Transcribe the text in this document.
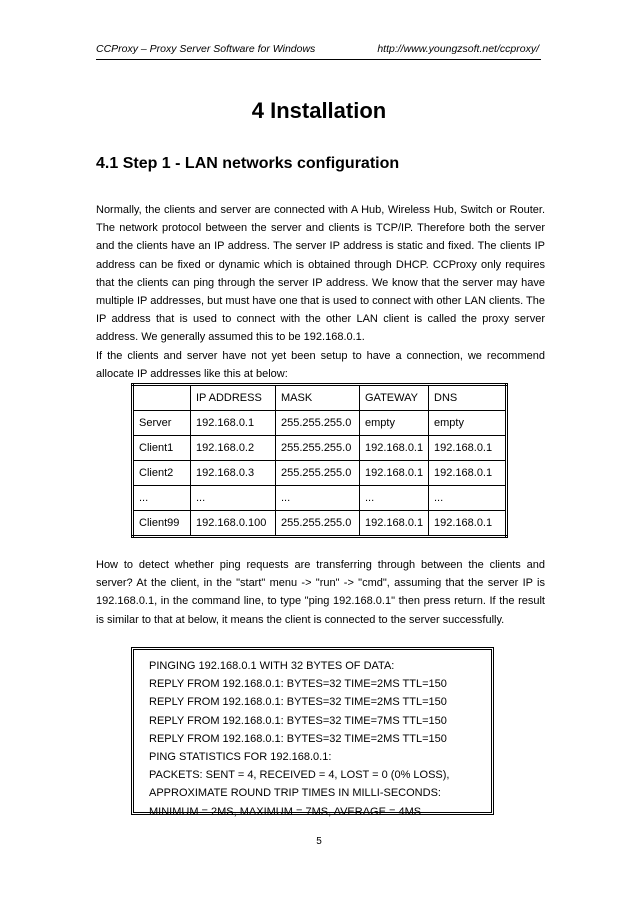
CCProxy – Proxy Server Software for Windows	http://www.youngzsoft.net/ccproxy/
4 Installation
4.1 Step 1 - LAN networks configuration

Normally, the clients and server are connected with A Hub, Wireless Hub, Switch or Router. The network protocol between the server and clients is TCP/IP. Therefore both the server and the clients have an IP address. The server IP address is static and fixed. The clients IP address can be fixed or dynamic which is obtained through DHCP. CCProxy only requires that the clients can ping through the server IP address. We know that the server may have multiple IP addresses, but must have one that is used to connect with other LAN clients. The IP address that is used to connect with the other LAN client is called the proxy server address. We generally assumed this to be 192.168.0.1.

If the clients and server have not yet been setup to have a connection, we recommend allocate IP addresses like this at below:

	IP ADDRESS	MASK	GATEWAY	DNS
Server	192.168.0.1	255.255.255.0	empty	empty
Client1	192.168.0.2	255.255.255.0	192.168.0.1	192.168.0.1
Client2	192.168.0.3	255.255.255.0	192.168.0.1	192.168.0.1
...	...	...	...	...
Client99	192.168.0.100	255.255.255.0	192.168.0.1	192.168.0.1
How to detect whether ping requests are transferring through between the clients and server? At the client, in the "start" menu -> "run" -> "cmd", assuming that the server IP is 192.168.0.1, in the command line, to type "ping 192.168.0.1" then press return. If the result is similar to that at below, it means the client is connected to the server successfully.
PINGING 192.168.0.1 WITH 32 BYTES OF DATA:
REPLY FROM 192.168.0.1: BYTES=32 TIME=2MS TTL=150
REPLY FROM 192.168.0.1: BYTES=32 TIME=2MS TTL=150
REPLY FROM 192.168.0.1: BYTES=32 TIME=7MS TTL=150
REPLY FROM 192.168.0.1: BYTES=32 TIME=2MS TTL=150
PING STATISTICS FOR 192.168.0.1:
PACKETS: SENT = 4, RECEIVED = 4, LOST = 0 (0% LOSS),
APPROXIMATE ROUND TRIP TIMES IN MILLI-SECONDS:
MINIMUM = 2MS, MAXIMUM = 7MS, AVERAGE = 4MS
5
